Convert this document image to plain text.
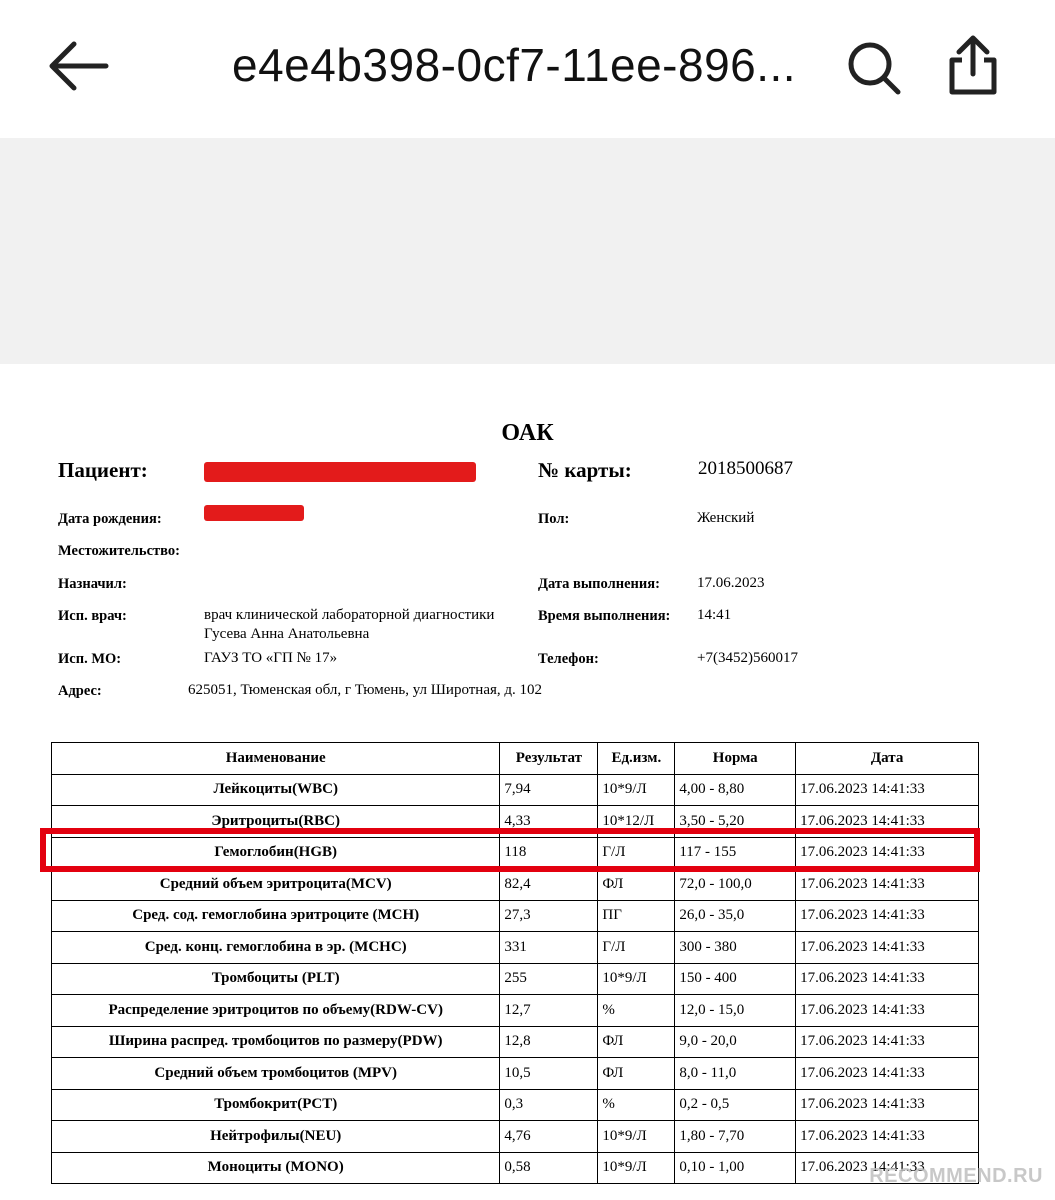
e4e4b398-0cf7-11ee-896...
ОАК
Пациент:	№ карты:	2018500687
Дата рождения:	Пол:	Женский
Местожительство:
Назначил:	Дата выполнения: 17.06.2023
Исп. врач:	врач клинической лабораторной диагностики
Гусева Анна Анатольевна
Время выполнения: 14:41
Исп. МО:	ГАУЗ ТО «ГП № 17»	Телефон:	+7(3452)560017
Адрес:	625051, Тюменская обл, г Тюмень, ул Широтная, д. 102
Наименование	Результат	Ед.изм.	Норма	Дата
Лейкоциты(WBC)	7,94	10*9/Л	4,00 - 8,80	17.06.2023 14:41:33
Эритроциты(RBC)	4,33	10*12/Л	3,50 - 5,20	17.06.2023 14:41:33
Гемоглобин(HGB)	118	Г/Л	117 - 155	17.06.2023 14:41:33
Средний объем эритроцита(MCV)	82,4	ФЛ	72,0 - 100,0	17.06.2023 14:41:33
Сред. сод. гемоглобина эритроците (MCH)	27,3	ПГ	26,0 - 35,0	17.06.2023 14:41:33
Сред. конц. гемоглобина в эр. (MCHC)	331	Г/Л	300 - 380	17.06.2023 14:41:33
Тромбоциты (PLT)	255	10*9/Л	150 - 400	17.06.2023 14:41:33
Распределение эритроцитов по объему(RDW-CV)	12,7	%	12,0 - 15,0	17.06.2023 14:41:33
Ширина распред. тромбоцитов по размеру(PDW)	12,8	ФЛ	9,0 - 20,0	17.06.2023 14:41:33
Средний объем тромбоцитов (MPV)	10,5	ФЛ	8,0 - 11,0	17.06.2023 14:41:33
Тромбокрит(PCT)	0,3	%	0,2 - 0,5	17.06.2023 14:41:33
Нейтрофилы(NEU)	4,76	10*9/Л	1,80 - 7,70	17.06.2023 14:41:33
Моноциты (MONO)	0,58	10*9/Л	0,10 - 1,00	17.06.2023 14:41:33
RECOMMEND.RU
